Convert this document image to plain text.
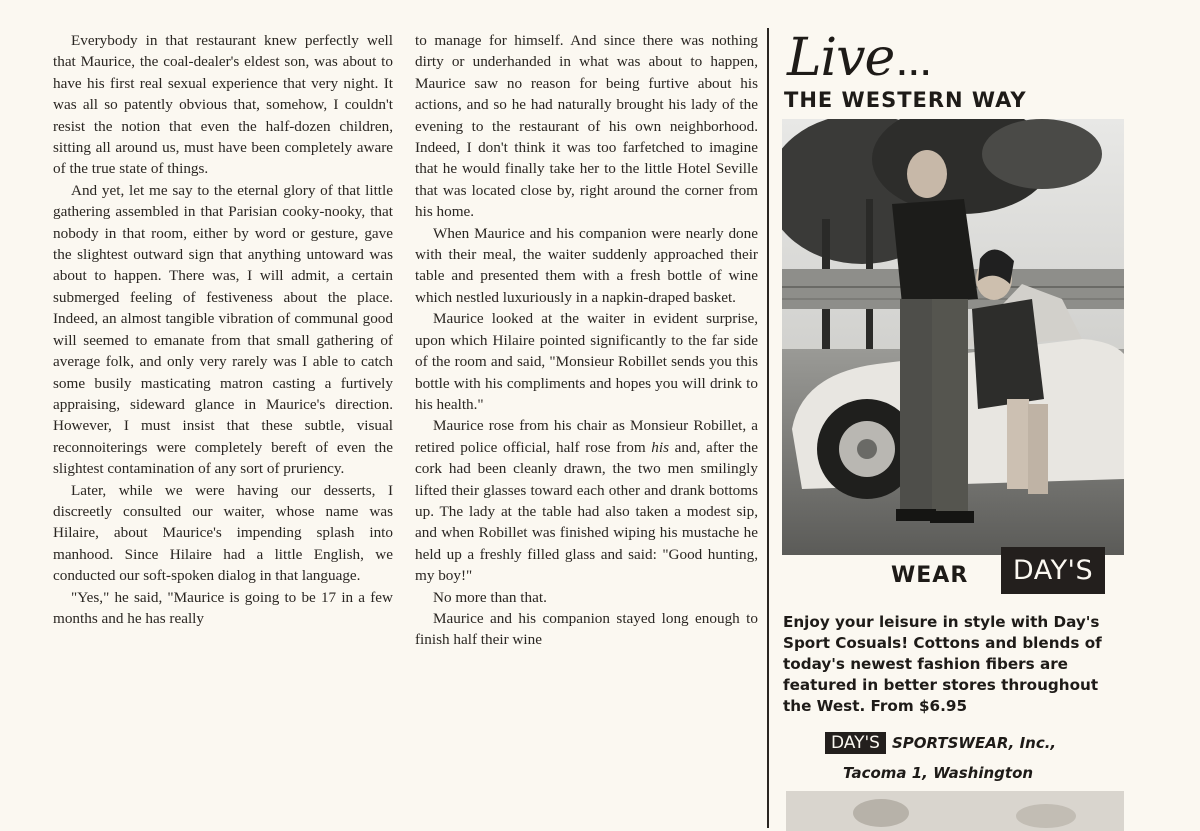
Everybody in that restaurant knew perfectly well that Maurice, the coal-dealer's eldest son, was about to have his first real sexual experience that very night. It was all so patently obvious that, somehow, I couldn't resist the notion that even the half-dozen children, sitting all around us, must have been completely aware of the true state of things.

And yet, let me say to the eternal glory of that little gathering assembled in that Parisian cooky-nooky, that nobody in that room, either by word or gesture, gave the slightest outward sign that anything untoward was about to happen. There was, I will admit, a certain submerged feeling of festiveness about the place. Indeed, an almost tangible vibration of communal good will seemed to emanate from that small gathering of average folk, and only very rarely was I able to catch some busily masticating matron casting a furtively appraising, sideward glance in Maurice's direction. However, I must insist that these subtle, visual reconnoiterings were completely bereft of even the slightest contamination of any sort of pruriency.

Later, while we were having our desserts, I discreetly consulted our waiter, whose name was Hilaire, about Maurice's impending splash into manhood. Since Hilaire had a little English, we conducted our soft-spoken dialog in that language.

"Yes," he said, "Maurice is going to be 17 in a few months and he has really

to manage for himself. And since there was nothing dirty or underhanded in what was about to happen, Maurice saw no reason for being furtive about his actions, and so he had naturally brought his lady of the evening to the restaurant of his own neighborhood. Indeed, I don't think it was too farfetched to imagine that he would finally take her to the little Hotel Seville that was located close by, right around the corner from his home.

When Maurice and his companion were nearly done with their meal, the waiter suddenly approached their table and presented them with a fresh bottle of wine which nestled luxuriously in a napkin-draped basket.

Maurice looked at the waiter in evident surprise, upon which Hilaire pointed significantly to the far side of the room and said, "Monsieur Robillet sends you this bottle with his compliments and hopes you will drink to his health."

Maurice rose from his chair as Monsieur Robillet, a retired police official, half rose from his and, after the cork had been cleanly drawn, the two men smilingly lifted their glasses toward each other and drank bottoms up. The lady at the table had also taken a modest sip, and when Robillet was finished wiping his mustache he held up a freshly filled glass and said: "Good hunting, my boy!"

No more than that.

Maurice and his companion stayed long enough to finish half their wine

Live ...
THE WESTERN WAY
WEAR	DAY'S
Enjoy your leisure in style with Day's Sport Cosuals! Cottons and blends of today's newest fashion fibers are featured in better stores throughout the West. From $6.95
DAY'S SPORTSWEAR, Inc.,
Tacoma 1, Washington
